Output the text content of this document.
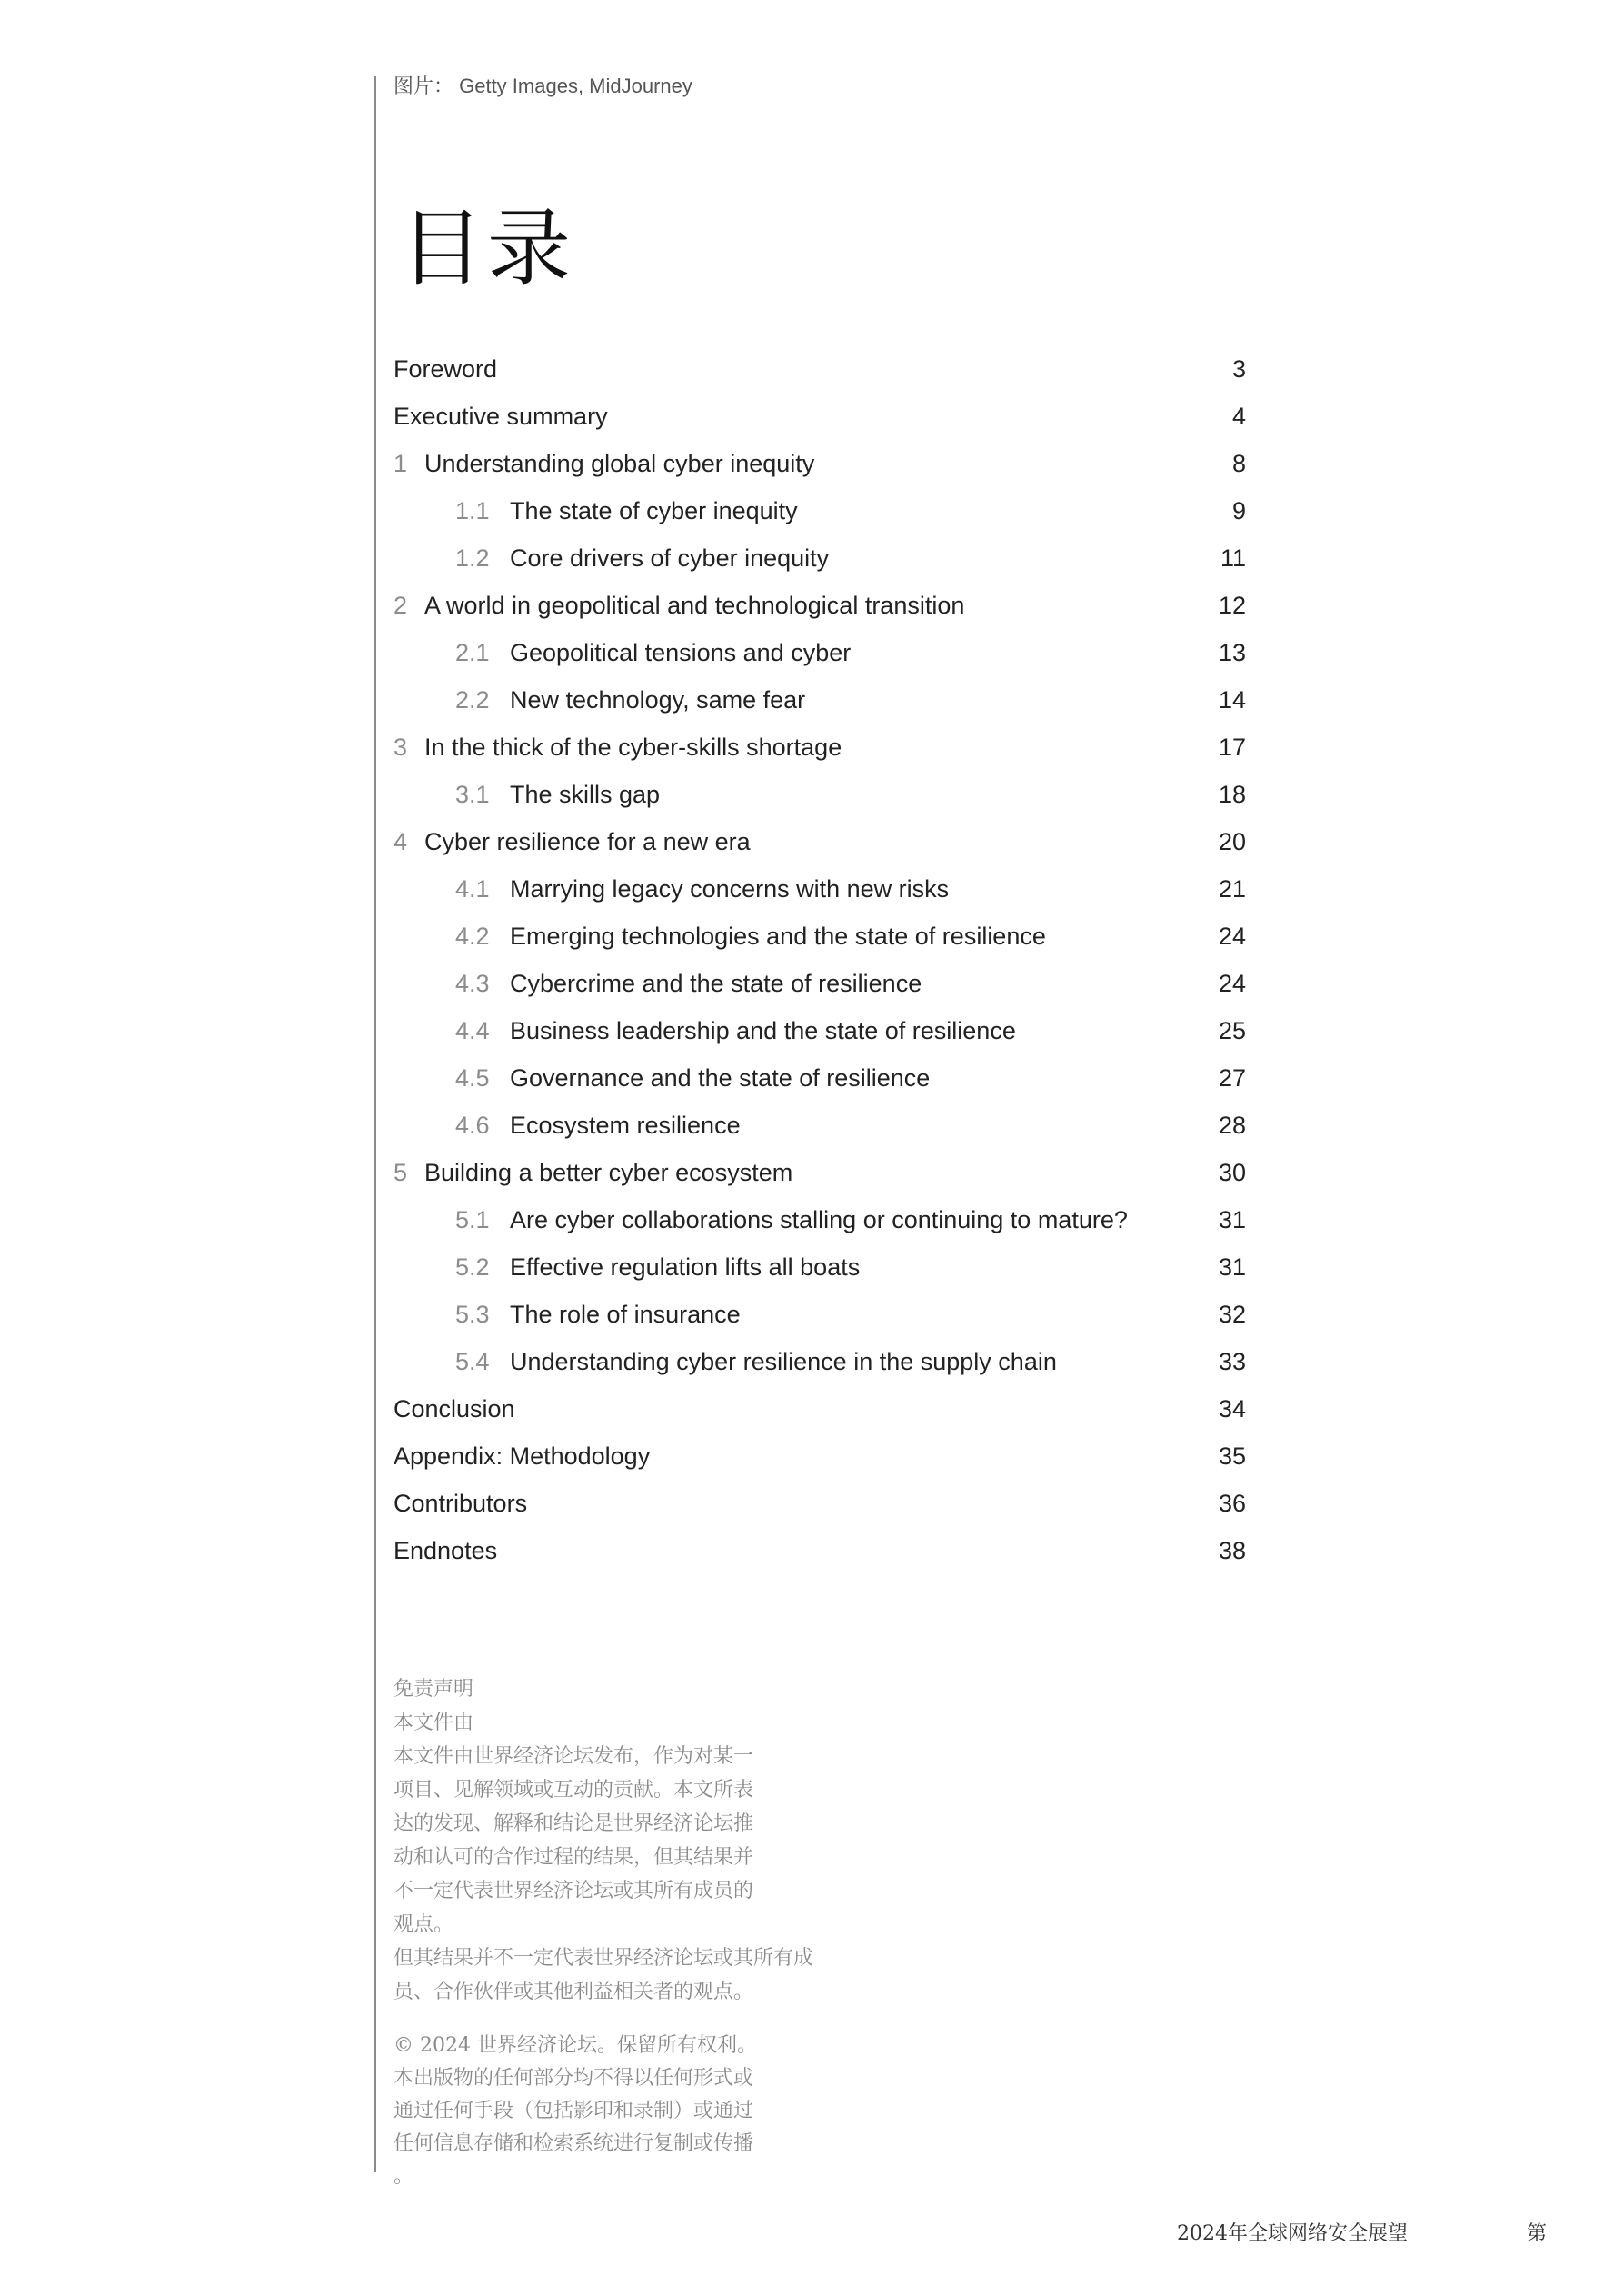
图片： Getty Images, MidJourney
目录
Foreword	3
Executive summary	4
1 Understanding global cyber inequity	8
1.1 The state of cyber inequity	9
1.2 Core drivers of cyber inequity	11
2 A world in geopolitical and technological transition	12
2.1 Geopolitical tensions and cyber	13
2.2 New technology, same fear	14
3 In the thick of the cyber-skills shortage	17
3.1 The skills gap	18
4 Cyber resilience for a new era	20
4.1 Marrying legacy concerns with new risks	21
4.2 Emerging technologies and the state of resilience	24
4.3 Cybercrime and the state of resilience	24
4.4 Business leadership and the state of resilience	25
4.5 Governance and the state of resilience	27
4.6 Ecosystem resilience	28
5 Building a better cyber ecosystem	30
5.1 Are cyber collaborations stalling or continuing to mature?	31
5.2 Effective regulation lifts all boats	31
5.3 The role of insurance	32
5.4 Understanding cyber resilience in the supply chain	33
Conclusion	34
Appendix: Methodology	35
Contributors	36
Endnotes	38
免责声明
本文件由
本文件由世界经济论坛发布，作为对某一
项目、见解领域或互动的贡献。本文所表
达的发现、解释和结论是世界经济论坛推
动和认可的合作过程的结果，但其结果并
不一定代表世界经济论坛或其所有成员的
观点。
但其结果并不一定代表世界经济论坛或其所有成
员、合作伙伴或其他利益相关者的观点。
© 2024 世界经济论坛。保留所有权利。
本出版物的任何部分均不得以任何形式或
通过任何手段（包括影印和录制）或通过
任何信息存储和检索系统进行复制或传播
。
2024年全球网络安全展望	第
